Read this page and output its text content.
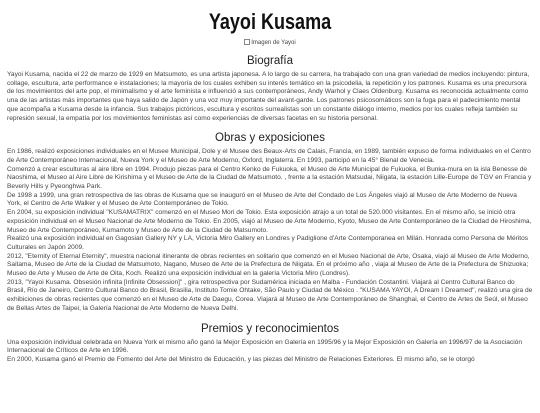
Yayoi Kusama
Imagen de Yayoi
Biografía

Yayoi Kusama, nacida el 22 de marzo de 1929 en Matsumoto, es una artista japonesa. A lo largo de su carrera, ha trabajado con una gran variedad de medios incluyendo: pintura, collage, escultura, arte performance e instalaciones; la mayoría de los cuales exhiben su interés temático en la psicodelia, la repetición y los patrones. Kusama es una precursora de los movimientos del arte pop, el minimalismo y el arte feminista e influenció a sus contemporáneos, Andy Warhol y Claes Oldenburg. Kusama es reconocida actualmente como una de las artistas más importantes que haya salido de Japón y una voz muy importante del avant-garde. Los patrones psicosomáticos son la fuga para el padecimiento mental que acompaña a Kusama desde la infancia. Sus trabajos pictóricos, escultura y escritos surrealistas son un constante diálogo interno, medios por los cuales refleja también su represión sexual, la empatía por los movimientos feministas así como experiencias de diversas facetas en su historia personal.

Obras y exposiciones

En 1986, realizó exposiciones individuales en el Musee Municipal, Dole y el Musee des Beaux-Arts de Calais, Francia, en 1989, también expuso de forma individuales en el Centro de Arte Contemporáneo Internacional, Nueva York y el Museo de Arte Moderno, Oxford, Inglaterra. En 1993, participó en la 45° Bienal de Venecia.

Comenzó a crear esculturas al aire libre en 1994. Produjo piezas para el Centro Kenko de Fukuoka, el Museo de Arte Municipal de Fukuoka, el Bunka-mura en la isla Benesse de Naoshima, el Museo al Aire Libre de Kirishima y el Museo de Arte de la Ciudad de Matsumoto. , frente a la estación Matsudai, Niigata, la estación Lille-Europe de TGV en Francia y Beverly Hills y Pyeonghwa Park.

De 1998 a 1999, una gran retrospectiva de las obras de Kusama que se inauguró en el Museo de Arte del Condado de Los Ángeles viajó al Museo de Arte Moderno de Nueva York, el Centro de Arte Walker y el Museo de Arte Contemporáneo de Tokio.

En 2004, su exposición individual "KUSAMATRIX" comenzó en el Museo Mori de Tokio. Esta exposición atrajo a un total de 520.000 visitantes. En el mismo año, se inició otra exposición individual en el Museo Nacional de Arte Moderno de Tokio. En 2005, viajó al Museo de Arte Moderno, Kyoto, Museo de Arte Contemporáneo de la Ciudad de Hiroshima, Museo de Arte Contemporáneo, Kumamoto y Museo de Arte de la Ciudad de Matsumoto.

Realizó una exposición individual en Gagosian Gallery NY y LA, Victoria Miro Gallery en Londres y Padiglione d'Arte Contemporanea en Milán. Honrada como Persona de Méritos Culturales en Japón 2009.

2012, "Eternity of Eternal Eternity", muestra nacional itinerante de obras recientes en solitario que comenzó en el Museo Nacional de Arte, Osaka, viajó al Museo de Arte Moderno, Saitama, Museo de Arte de la Ciudad de Matsumoto, Nagano, Museo de Arte de la Prefectura de Niigata. En el próximo año , viaja al Museo de Arte de la Prefectura de Shizuoka; Museo de Arte y Museo de Arte de Oita, Koch. Realizó una exposición individual en la galería Victoria Miro (Londres).

2013, "Yayoi Kusama. Obsesión infinita [Infinite Obsession]" , gira retrospectiva por Sudamérica iniciada en Malba - Fundación Costantini. Viajará al Centro Cultural Banco do Brasil, Río de Janeiro, Centro Cultural Banco do Brasil, Brasilia, Instituto Tomie Ohtake, São Paulo y Ciudad de México . "KUSAMA YAYOI, A Dream I Dreamed", realizó una gira de exhibiciones de obras recientes que comenzó en el Museo de Arte de Daegu, Corea. Viajará al Museo de Arte Contemporáneo de Shanghai, el Centro de Artes de Seúl, el Museo de Bellas Artes de Taipei, la Galería Nacional de Arte Moderno de Nueva Delhi.

Premios y reconocimientos

Una exposición individual celebrada en Nueva York el mismo año ganó la Mejor Exposición en Galería en 1995/96 y la Mejor Exposición en Galería en 1996/97 de la Asociación Internacional de Críticos de Arte en 1996.

En 2000, Kusama ganó el Premio de Fomento del Arte del Ministro de Educación, y las piezas del Ministro de Relaciones Exteriores. El mismo año, se le otorgó
